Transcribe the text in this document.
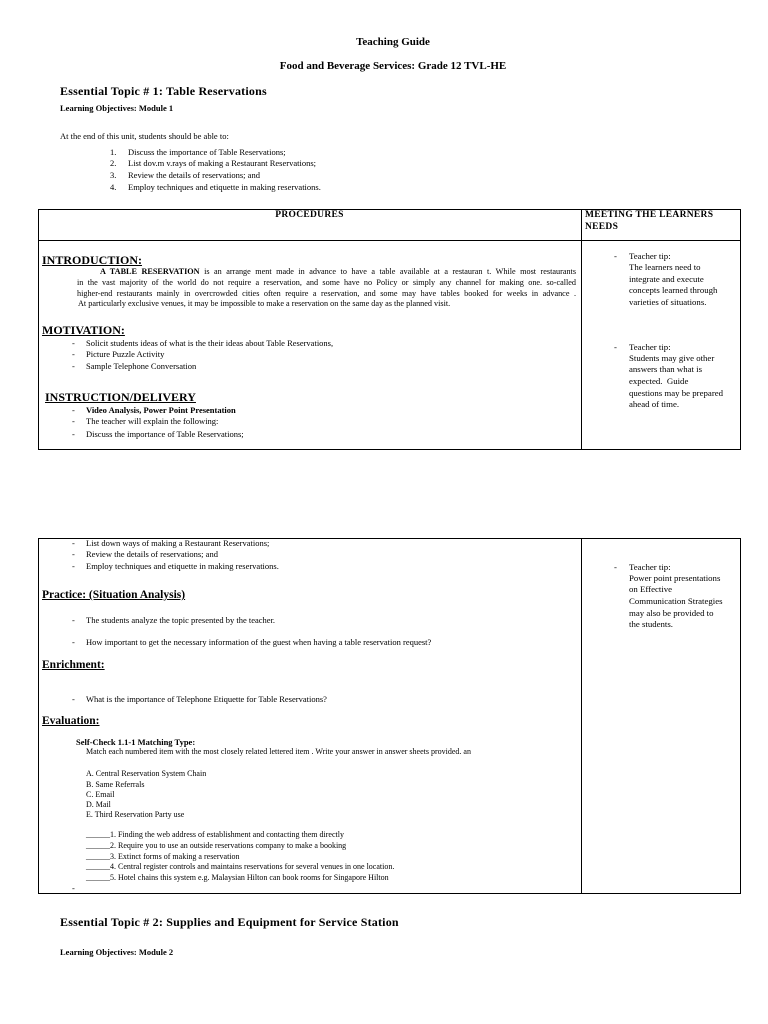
Teaching Guide
Food and Beverage Services: Grade 12 TVL-HE
Essential Topic # 1: Table Reservations
Learning Objectives: Module 1
At the end of this unit, students should be able to:
1. Discuss the importance of Table Reservations;
2. List dov.m v.rays of making a Restaurant Reservations;
3. Review the details of reservations; and
4. Employ techniques and etiquette in making reservations.
PROCEDURES	MEETING THE LEARNERS
NEEDS
INTRODUCTION:
A TABLE RESERVATION is an arrange ment made in advance to have a table available at a restauran t. While most restaurants
in the vast majority of the world do not require a reservation, and some have no Policy or simply any channel for making one. so-called
higher-end restaurants mainly in overcrowded cities often require a reservation, and some may have tables booked for weeks in advance .
At particularly exclusive venues, it may be impossible to make a reservation on the same day as the planned visit.
MOTIVATION:
- Solicit students ideas of what is the their ideas about Table Reservations,
- Picture Puzzle Activity
- Sample Telephone Conversation
INSTRUCTION/DELIVERY
- Video Analysis, Power Point Presentation
- The teacher will explain the following:
- Discuss the importance of Table Reservations;
- Teacher tip:
The learners need to
integrate and execute
concepts learned through
varieties of situations.
- Teacher tip:
Students may give other
answers than what is
expected.  Guide
questions may be prepared
ahead of time.
- List down ways of making a Restaurant Reservations;
- Review the details of reservations; and
- Employ techniques and etiquette in making reservations.
Practice: (Situation Analysis)
- The students analyze the topic presented by the teacher.
- How important to get the necessary information of the guest when having a table reservation request?
Enrichment:
- What is the importance of Telephone Etiquette for Table Reservations?
Evaluation:
Self-Check 1.1-1 Matching Type:
Match each numbered item with the most closely related lettered item . Write your answer in answer sheets provided. an
A. Central Reservation System Chain
B. Same Referrals
C. Email
D. Mail
E. Third Reservation Party use
______1. Finding the web address of establishment and contacting them directly
______2. Require you to use an outside reservations company to make a booking
______3. Extinct forms of making a reservation
______4. Central register controls and maintains reservations for several venues in one location.
______5. Hotel chains this system e.g. Malaysian Hilton can book rooms for Singapore Hilton
-
- Teacher tip:
Power point presentations
on Effective
Communication Strategies
may also be provided to
the students.
Essential Topic # 2: Supplies and Equipment for Service Station
Learning Objectives: Module 2
